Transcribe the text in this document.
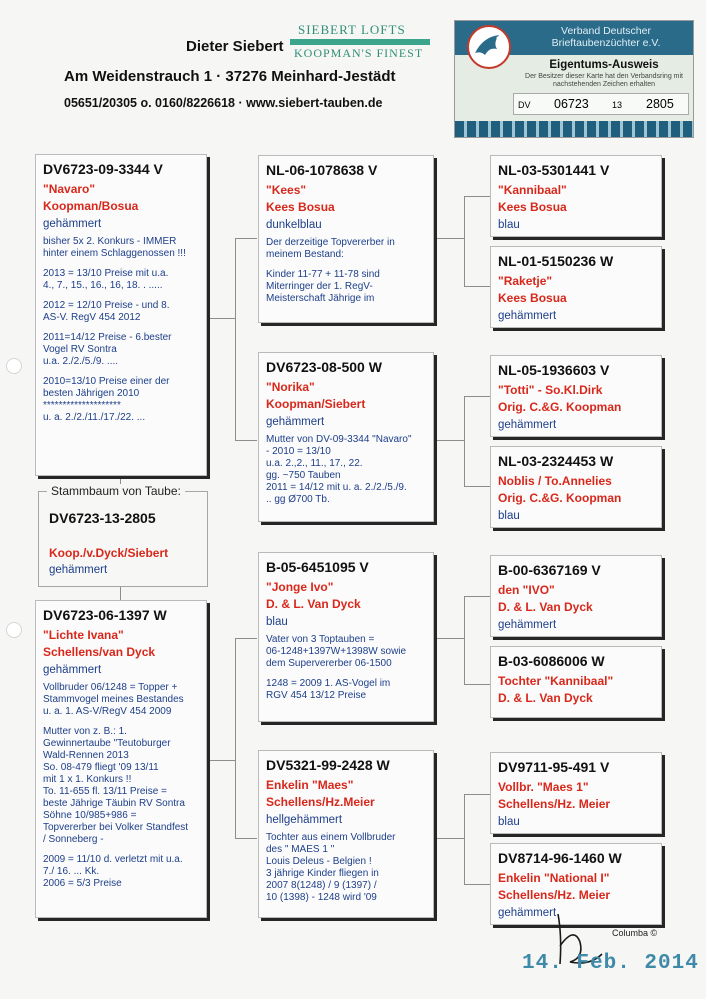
Dieter Siebert
SIEBERT LOFTS
KOOPMAN'S FINEST
Am Weidenstrauch 1 · 37276 Meinhard-Jestädt
05651/20305 o. 0160/8226618 · www.siebert-tauben.de
Verband Deutscher Brieftaubenzüchter e.V.
Eigentums-Ausweis
Der Besitzer dieser Karte hat den Verbandsring mit nachstehenden Zeichen erhalten
DV 06723	13 2805
DV6723-09-3344 V
"Navaro"
Koopman/Bosua
gehämmert
bisher 5x 2. Konkurs - IMMER
hinter einem Schlaggenossen !!!
2013 = 13/10 Preise mit u.a.
4., 7., 15., 16., 16, 18. . .....
2012 = 12/10 Preise - und 8.
AS-V. RegV 454 2012
2011=14/12 Preise - 6.bester
Vogel RV Sontra
u.a. 2./2./5./9. ....
2010=13/10 Preise einer der
besten Jährigen 2010
********************
u. a. 2./2./11./17./22. ...
Stammbaum von Taube:
DV6723-13-2805
Koop./v.Dyck/Siebert
gehämmert
DV6723-06-1397 W
"Lichte Ivana"
Schellens/van Dyck
gehämmert
Vollbruder 06/1248 = Topper +
Stammvogel meines Bestandes
u. a. 1. AS-V/RegV 454 2009
Mutter von z. B.: 1.
Gewinnertaube "Teutoburger
Wald-Rennen 2013
So. 08-479 fliegt '09 13/11
mit 1 x 1. Konkurs !!
To. 11-655 fl. 13/11 Preise =
beste Jährige Täubin RV Sontra
Söhne 10/985+986 =
Topvererber bei Volker Standfest
/ Sonneberg -
2009 = 11/10 d. verletzt mit u.a.
7./ 16. ... Kk.
2006 = 5/3 Preise
NL-06-1078638 V
"Kees"
Kees Bosua
dunkelblau
Der derzeitige Topvererber in
meinem Bestand:
Kinder 11-77 + 11-78 sind
Miterringer der 1. RegV-
Meisterschaft Jährige im
DV6723-08-500 W
"Norika"
Koopman/Siebert
gehämmert
Mutter von DV-09-3344 "Navaro"
- 2010 = 13/10
u.a. 2.,2., 11., 17., 22.
gg. ~750 Tauben
2011 = 14/12 mit u. a. 2./2./5./9.
.. gg Ø700 Tb.
B-05-6451095 V
"Jonge Ivo"
D. & L. Van Dyck
blau
Vater von 3 Toptauben =
06-1248+1397W+1398W sowie
dem Supervererber 06-1500
1248 = 2009 1. AS-Vogel im
RGV 454 13/12 Preise
DV5321-99-2428 W
Enkelin "Maes"
Schellens/Hz.Meier
hellgehämmert
Tochter aus einem Vollbruder
des " MAES 1 "
Louis Deleus - Belgien !
3 jährige Kinder fliegen in
2007 8(1248) / 9 (1397) /
10 (1398) - 1248 wird '09
NL-03-5301441 V
"Kannibaal"
Kees Bosua
blau
NL-01-5150236 W
"Raketje"
Kees Bosua
gehämmert
NL-05-1936603 V
"Totti" - So.Kl.Dirk
Orig. C.&G. Koopman
gehämmert
NL-03-2324453 W
Noblis / To.Annelies
Orig. C.&G. Koopman
blau
B-00-6367169 V
den "IVO"
D. & L. Van Dyck
gehämmert
B-03-6086006 W
Tochter "Kannibaal"
D. & L. Van Dyck
DV9711-95-491 V
Vollbr. "Maes 1"
Schellens/Hz. Meier
blau
DV8714-96-1460 W
Enkelin "National I"
Schellens/Hz. Meier
gehämmert
Columba ©
14. Feb. 2014
